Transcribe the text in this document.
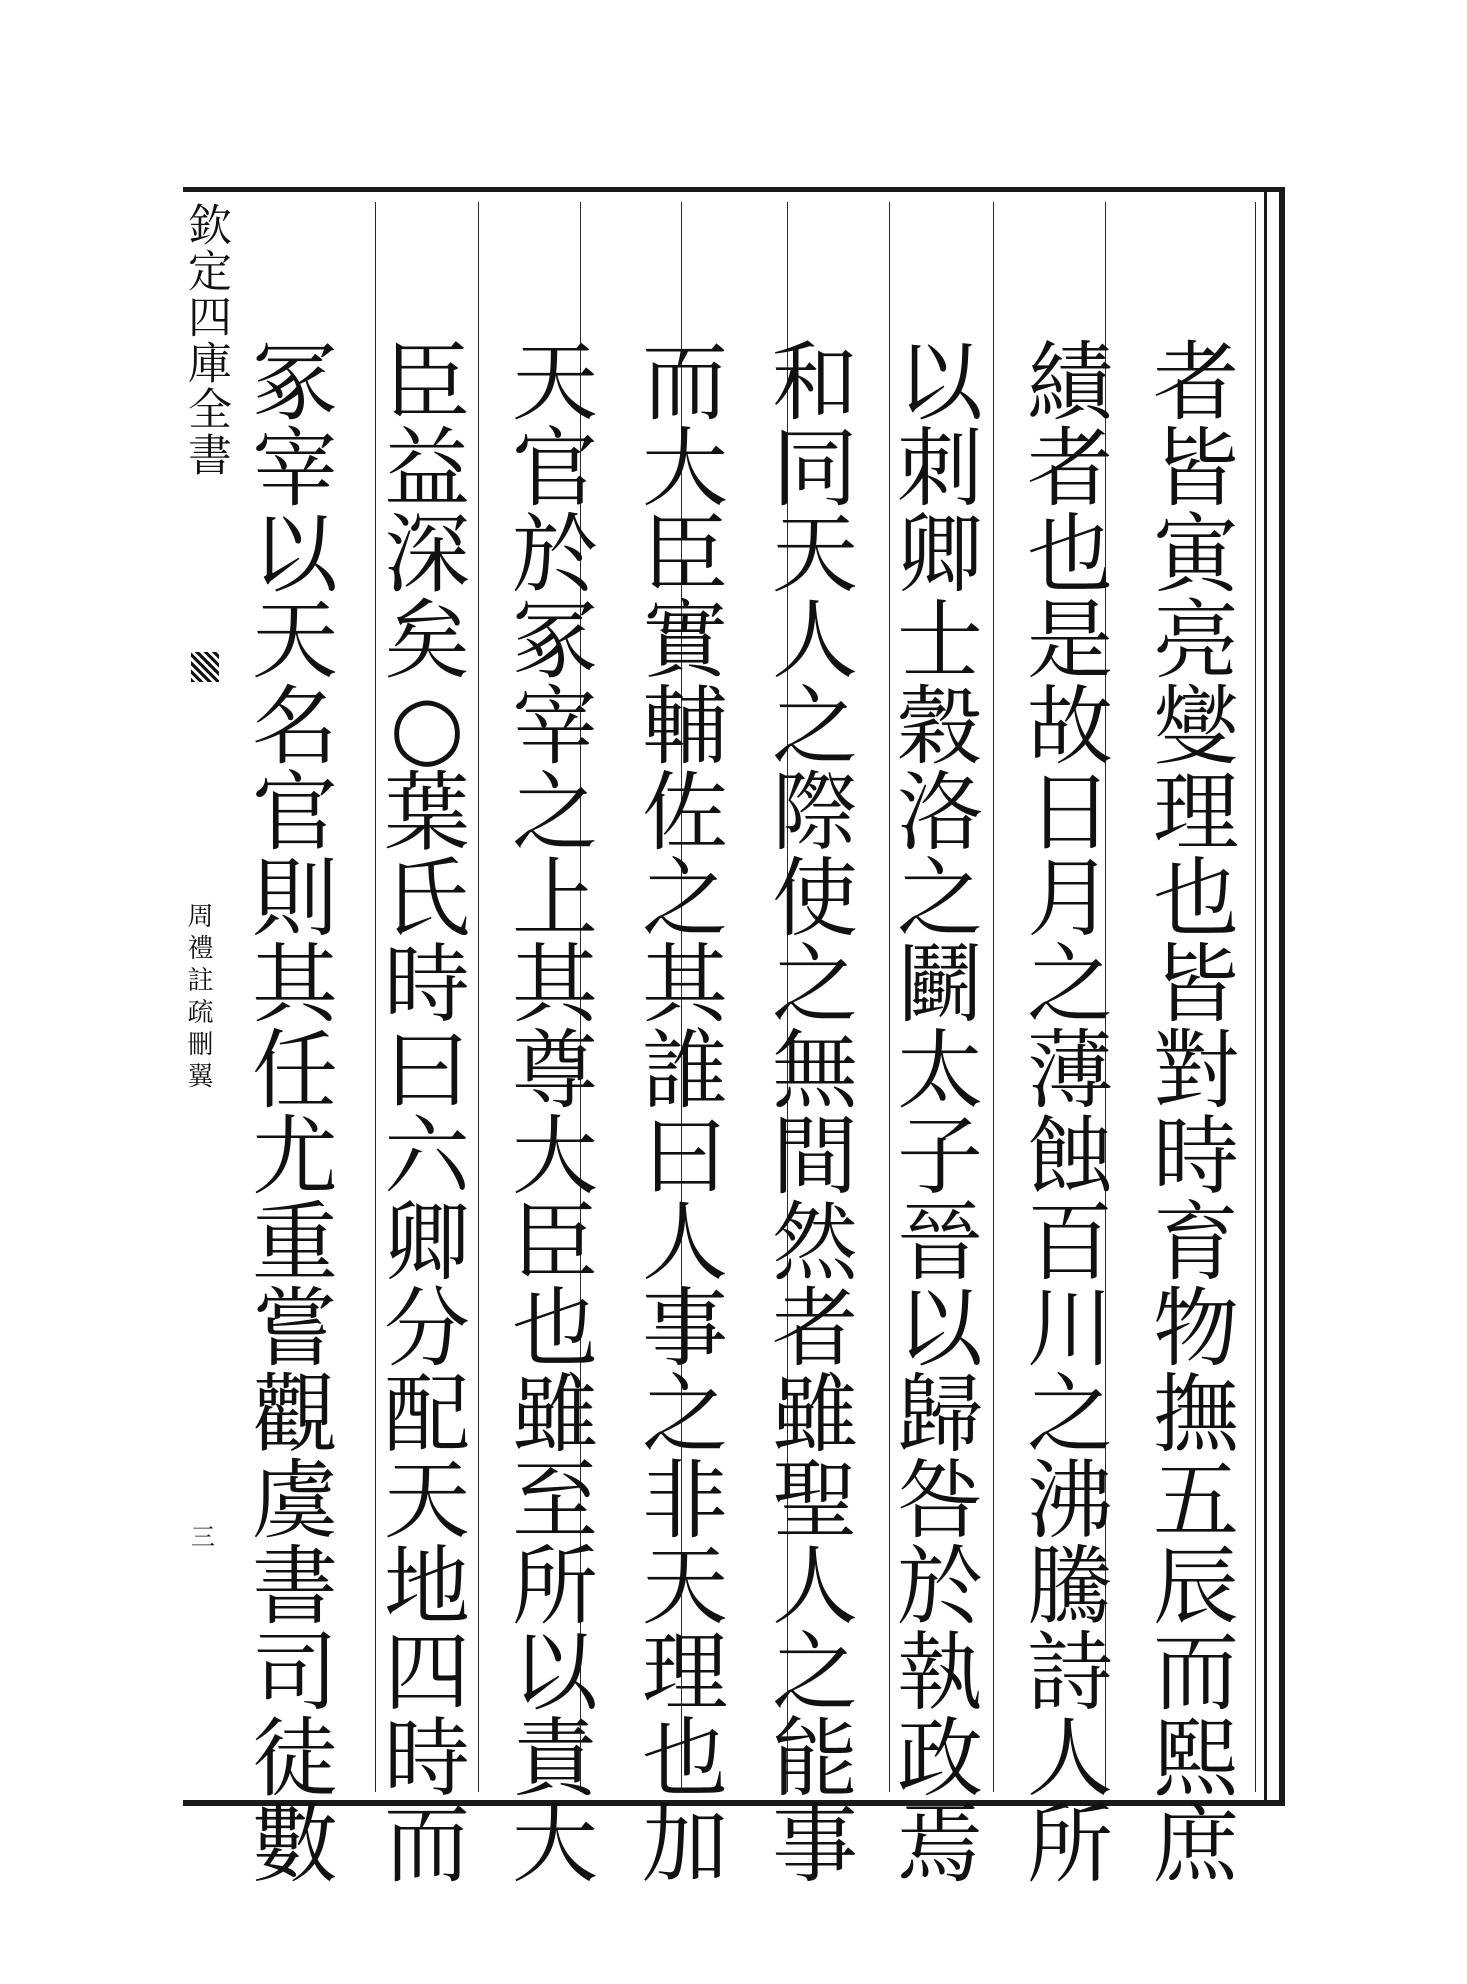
欽定四庫全書
周禮註疏刪翼
三
者
皆
寅
亮
燮
理
也
皆
對
時
育
物
撫
五
辰
而
熙
庶
績
者
也
是
故
日
月
之
薄
蝕
百
川
之
沸
騰
詩
人
所
以
刺
卿
士
穀
洛
之
鬬
太
子
晉
以
歸
咎
於
執
政
焉
和
同
天
人
之
際
使
之
無
間
然
者
雖
聖
人
之
能
事
而
大
臣
實
輔
佐
之
其
誰
曰
人
事
之
非
天
理
也
加
天
官
於
冢
宰
之
上
其
尊
大
臣
也
雖
至
所
以
責
大
臣
益
深
矣
○
葉
氏
時
曰
六
卿
分
配
天
地
四
時
而
冢
宰
以
天
名
官
則
其
任
尤
重
嘗
觀
虞
書
司
徒
數
